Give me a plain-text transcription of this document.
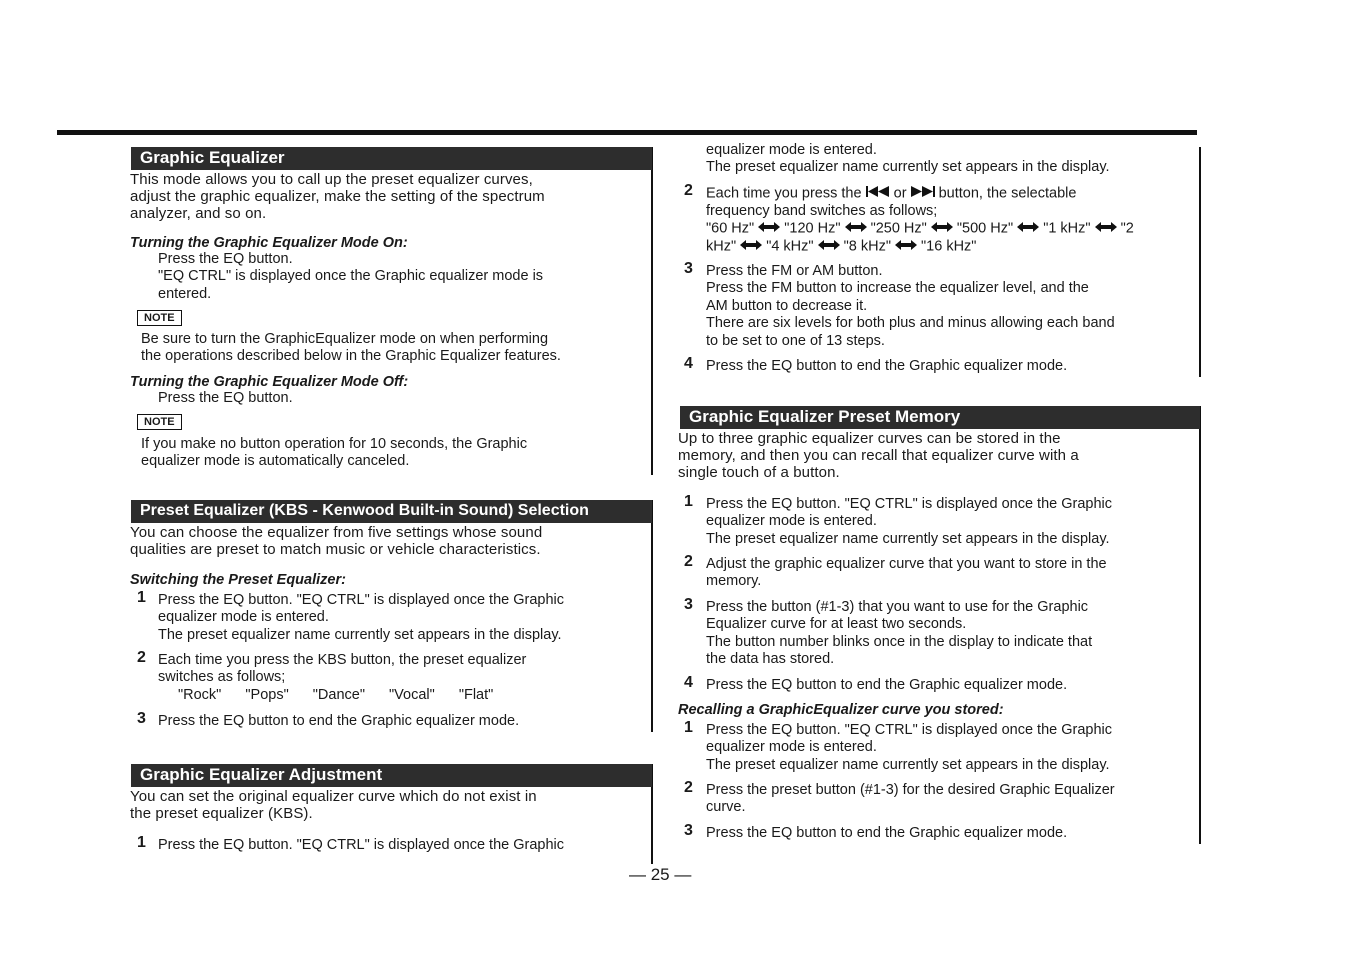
Graphic Equalizer
This mode allows you to call up the preset equalizer curves,
adjust the graphic equalizer, make the setting of the spectrum
analyzer, and so on.
Turning the Graphic Equalizer Mode On:
Press the EQ button.
"EQ CTRL" is displayed once the Graphic equalizer mode is
entered.
NOTE
Be sure to turn the GraphicEqualizer mode on when performing
the operations described below in the Graphic Equalizer features.
Turning the Graphic Equalizer Mode Off:
Press the EQ button.
NOTE
If you make no button operation for 10 seconds, the Graphic
equalizer mode is automatically canceled.
Preset Equalizer (KBS - Kenwood Built-in Sound) Selection
You can choose the equalizer from five settings whose sound
qualities are preset to match music or vehicle characteristics.
Switching the Preset Equalizer:
1 Press the EQ button. "EQ CTRL" is displayed once the Graphic
equalizer mode is entered.
The preset equalizer name currently set appears in the display.
2 Each time you press the KBS button, the preset equalizer
switches as follows;
"Rock" "Pops" "Dance" "Vocal" "Flat"
3 Press the EQ button to end the Graphic equalizer mode.
Graphic Equalizer Adjustment
You can set the original equalizer curve which do not exist in
the preset equalizer (KBS).
1 Press the EQ button. "EQ CTRL" is displayed once the Graphic
equalizer mode is entered.
The preset equalizer name currently set appears in the display.
2 Each time you press the or button, the selectable
frequency band switches as follows;
"60 Hz" "120 Hz" "250 Hz" "500 Hz" "1 kHz" "2
kHz" "4 kHz" "8 kHz" "16 kHz"
3 Press the FM or AM button.
Press the FM button to increase the equalizer level, and the
AM button to decrease it.
There are six levels for both plus and minus allowing each band
to be set to one of 13 steps.
4 Press the EQ button to end the Graphic equalizer mode.
Graphic Equalizer Preset Memory
Up to three graphic equalizer curves can be stored in the
memory, and then you can recall that equalizer curve with a
single touch of a button.
1 Press the EQ button. "EQ CTRL" is displayed once the Graphic
equalizer mode is entered.
The preset equalizer name currently set appears in the display.
2 Adjust the graphic equalizer curve that you want to store in the
memory.
3 Press the button (#1-3) that you want to use for the Graphic
Equalizer curve for at least two seconds.
The button number blinks once in the display to indicate that
the data has stored.
4 Press the EQ button to end the Graphic equalizer mode.
Recalling a GraphicEqualizer curve you stored:
1 Press the EQ button. "EQ CTRL" is displayed once the Graphic
equalizer mode is entered.
The preset equalizer name currently set appears in the display.
2 Press the preset button (#1-3) for the desired Graphic Equalizer
curve.
3 Press the EQ button to end the Graphic equalizer mode.
— 25 —
